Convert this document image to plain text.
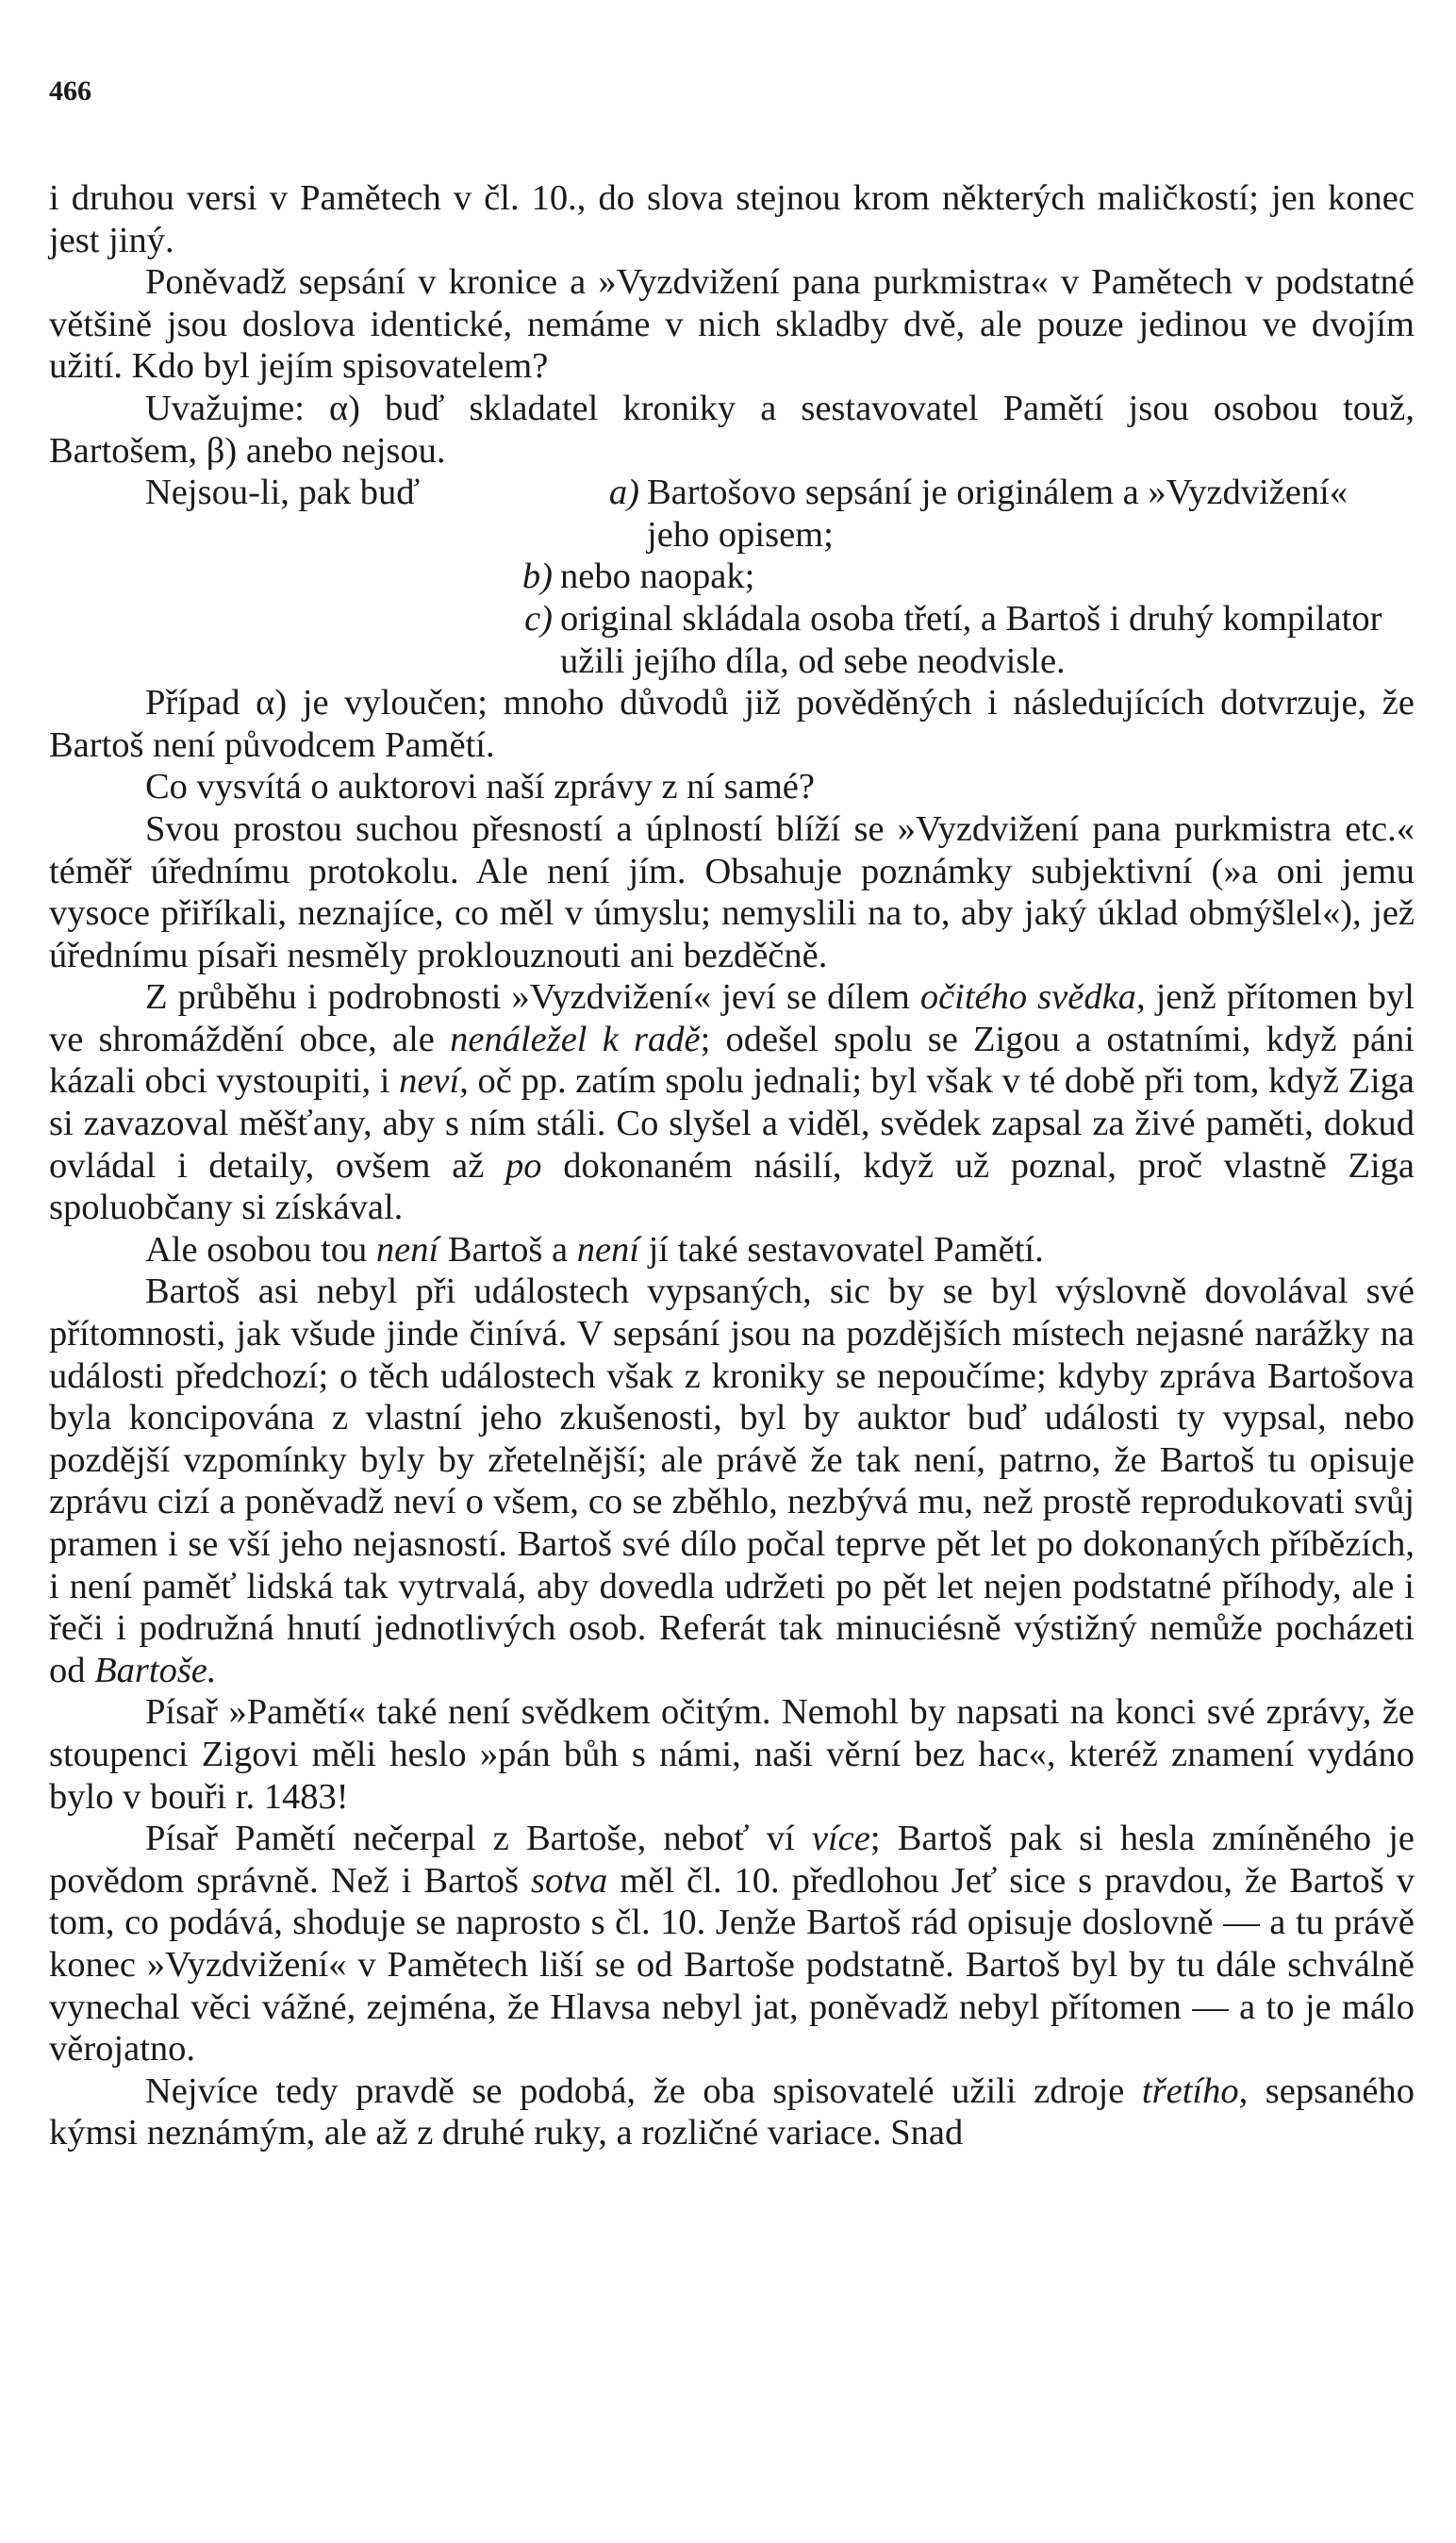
466

i druhou versi v Pamětech v čl. 10., do slova stejnou krom některých maličkostí; jen konec jest jiný.

Poněvadž sepsání v kronice a »Vyzdvižení pana purkmistra« v Pamětech v podstatné většině jsou doslova identické, nemáme v nich skladby dvě, ale pouze jedinou ve dvojím užití. Kdo byl jejím spisovatelem?

Uvažujme: α) buď skladatel kroniky a sestavovatel Pamětí jsou osobou touž, Bartošem, β) anebo nejsou.

Nejsou-li, pak buď	a) Bartošovo sepsání je originálem a »Vyzdvižení« jeho opisem;
b) nebo naopak;
c) original skládala osoba třetí, a Bartoš i druhý kompilator užili jejího díla, od sebe neodvisle.

Případ α) je vyloučen; mnoho důvodů již pověděných i následujících dotvrzuje, že Bartoš není původcem Pamětí.

Co vysvítá o auktorovi naší zprávy z ní samé?

Svou prostou suchou přesností a úplností blíží se »Vyzdvižení pana purkmistra etc.« téměř úřednímu protokolu. Ale není jím. Obsahuje poznámky subjektivní (»a oni jemu vysoce přiříkali, neznajíce, co měl v úmyslu; nemyslili na to, aby jaký úklad obmýšlel«), jež úřednímu písaři nesměly proklouznouti ani bezděčně.

Z průběhu i podrobnosti »Vyzdvižení« jeví se dílem očitého svědka, jenž přítomen byl ve shromáždění obce, ale nenáležel k radě; odešel spolu se Zigou a ostatními, když páni kázali obci vystoupiti, i neví, oč pp. zatím spolu jednali; byl však v té době při tom, když Ziga si zavazoval měšťany, aby s ním stáli. Co slyšel a viděl, svědek zapsal za živé paměti, dokud ovládal i detaily, ovšem až po dokonaném násilí, když už poznal, proč vlastně Ziga spoluobčany si získával.

Ale osobou tou není Bartoš a není jí také sestavovatel Pamětí.

Bartoš asi nebyl při událostech vypsaných, sic by se byl výslovně dovolával své přítomnosti, jak všude jinde činívá. V sepsání jsou na pozdějších místech nejasné narážky na události předchozí; o těch událostech však z kroniky se nepoučíme; kdyby zpráva Bartošova byla koncipována z vlastní jeho zkušenosti, byl by auktor buď události ty vypsal, nebo pozdější vzpomínky byly by zřetelnější; ale právě že tak není, patrno, že Bartoš tu opisuje zprávu cizí a poněvadž neví o všem, co se zběhlo, nezbývá mu, než prostě reprodukovati svůj pramen i se vší jeho nejasností. Bartoš své dílo počal teprve pět let po dokonaných příbězích, i není paměť lidská tak vytrvalá, aby dovedla udržeti po pět let nejen podstatné příhody, ale i řeči i podružná hnutí jednotlivých osob. Referát tak minuciésně výstižný nemůže pocházeti od Bartoše.

Písař »Pamětí« také není svědkem očitým. Nemohl by napsati na konci své zprávy, že stoupenci Zigovi měli heslo »pán bůh s námi, naši věrní bez hac«, kteréž znamení vydáno bylo v bouři r. 1483!

Písař Pamětí nečerpal z Bartoše, neboť ví více; Bartoš pak si hesla zmíněného je povědom správně. Než i Bartoš sotva měl čl. 10. předlohou Jeť sice s pravdou, že Bartoš v tom, co podává, shoduje se naprosto s čl. 10. Jenže Bartoš rád opisuje doslovně — a tu právě konec »Vyzdvižení« v Pamětech liší se od Bartoše podstatně. Bartoš byl by tu dále schválně vynechal věci vážné, zejména, že Hlavsa nebyl jat, poněvadž nebyl přítomen — a to je málo věrojatno.

Nejvíce tedy pravdě se podobá, že oba spisovatelé užili zdroje třetího, sepsaného kýmsi neznámým, ale až z druhé ruky, a rozličné variace. Snad
